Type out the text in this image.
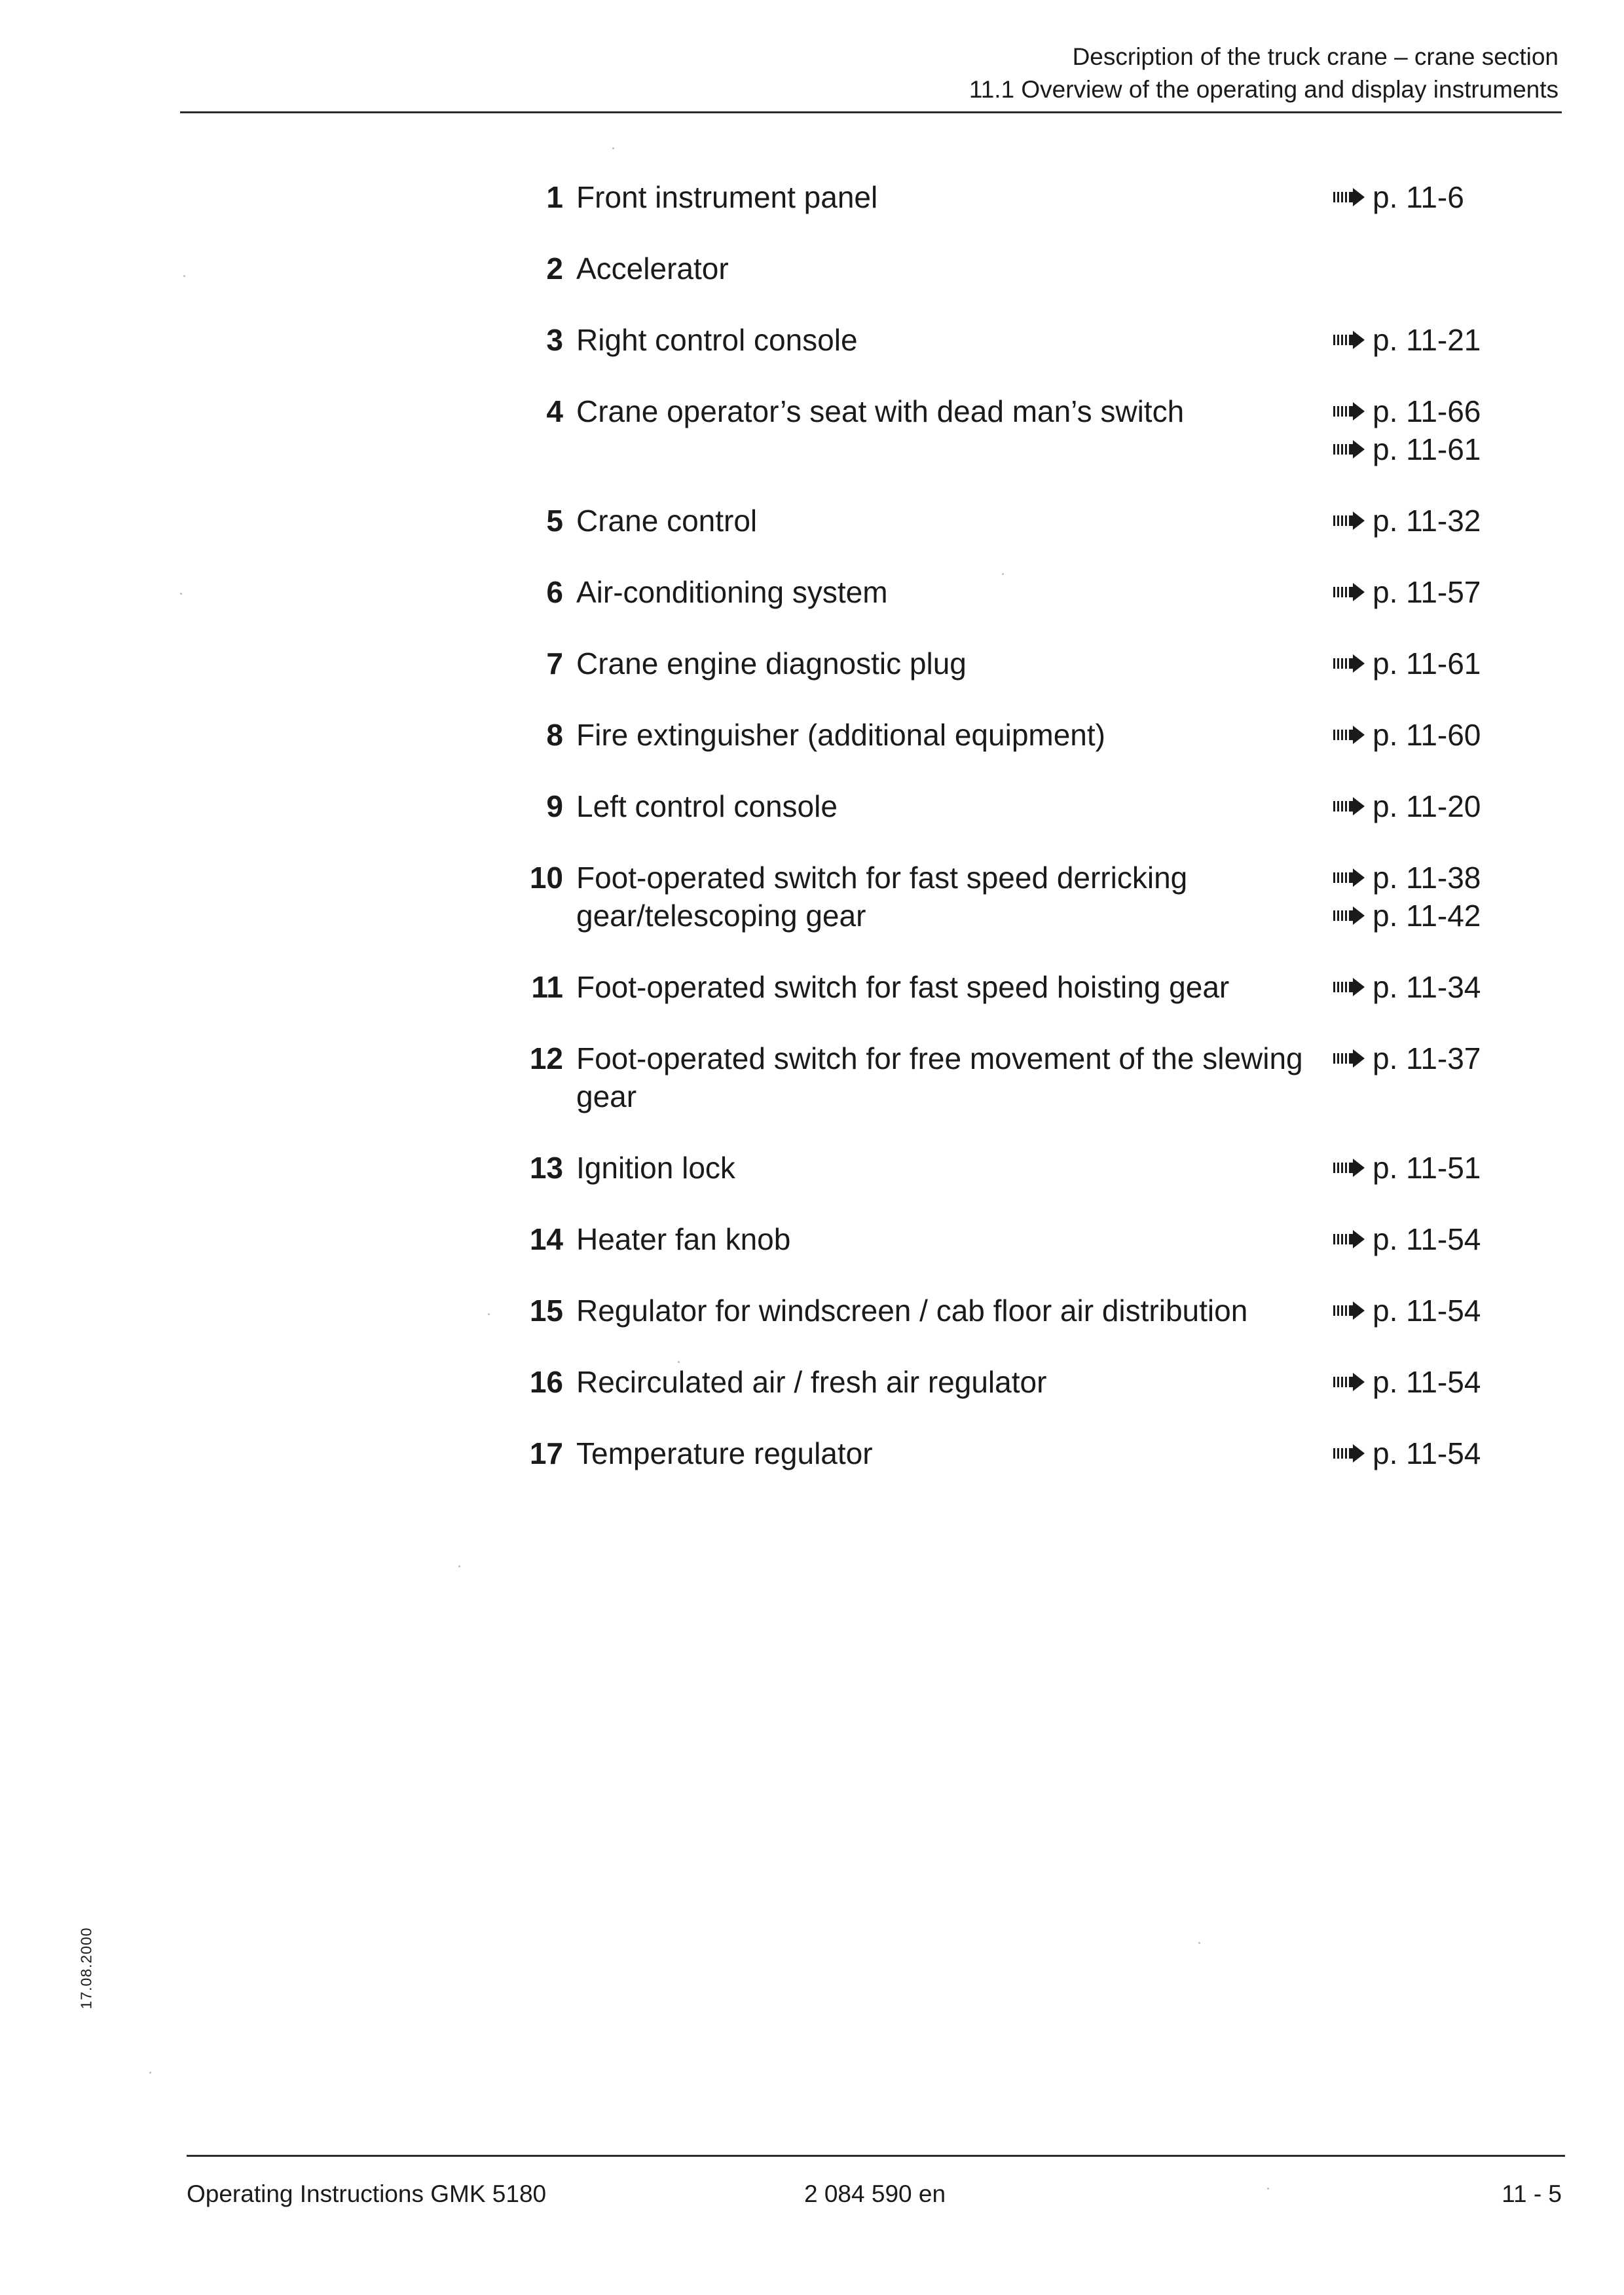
Description of the truck crane – crane section
11.1 Overview of the operating and display instruments
1 Front instrument panel	p. 11-6
2 Accelerator
3 Right control console	p. 11-21
4 Crane operator’s seat with dead man’s switch	p. 11-66
p. 11-61
5 Crane control	p. 11-32
6 Air-conditioning system	p. 11-57
7 Crane engine diagnostic plug	p. 11-61
8 Fire extinguisher (additional equipment)	p. 11-60
9 Left control console	p. 11-20
10 Foot-operated switch for fast speed derricking gear/telescoping gear
p. 11-38
p. 11-42
11 Foot-operated switch for fast speed hoisting gear	p. 11-34
12 Foot-operated switch for free movement of the slewing gear
p. 11-37
13 Ignition lock	p. 11-51
14 Heater fan knob	p. 11-54
15 Regulator for windscreen / cab floor air distribution	p. 11-54
16 Recirculated air / fresh air regulator	p. 11-54
17 Temperature regulator	p. 11-54
17.08.2000
Operating Instructions GMK 5180	2 084 590 en	11 - 5
